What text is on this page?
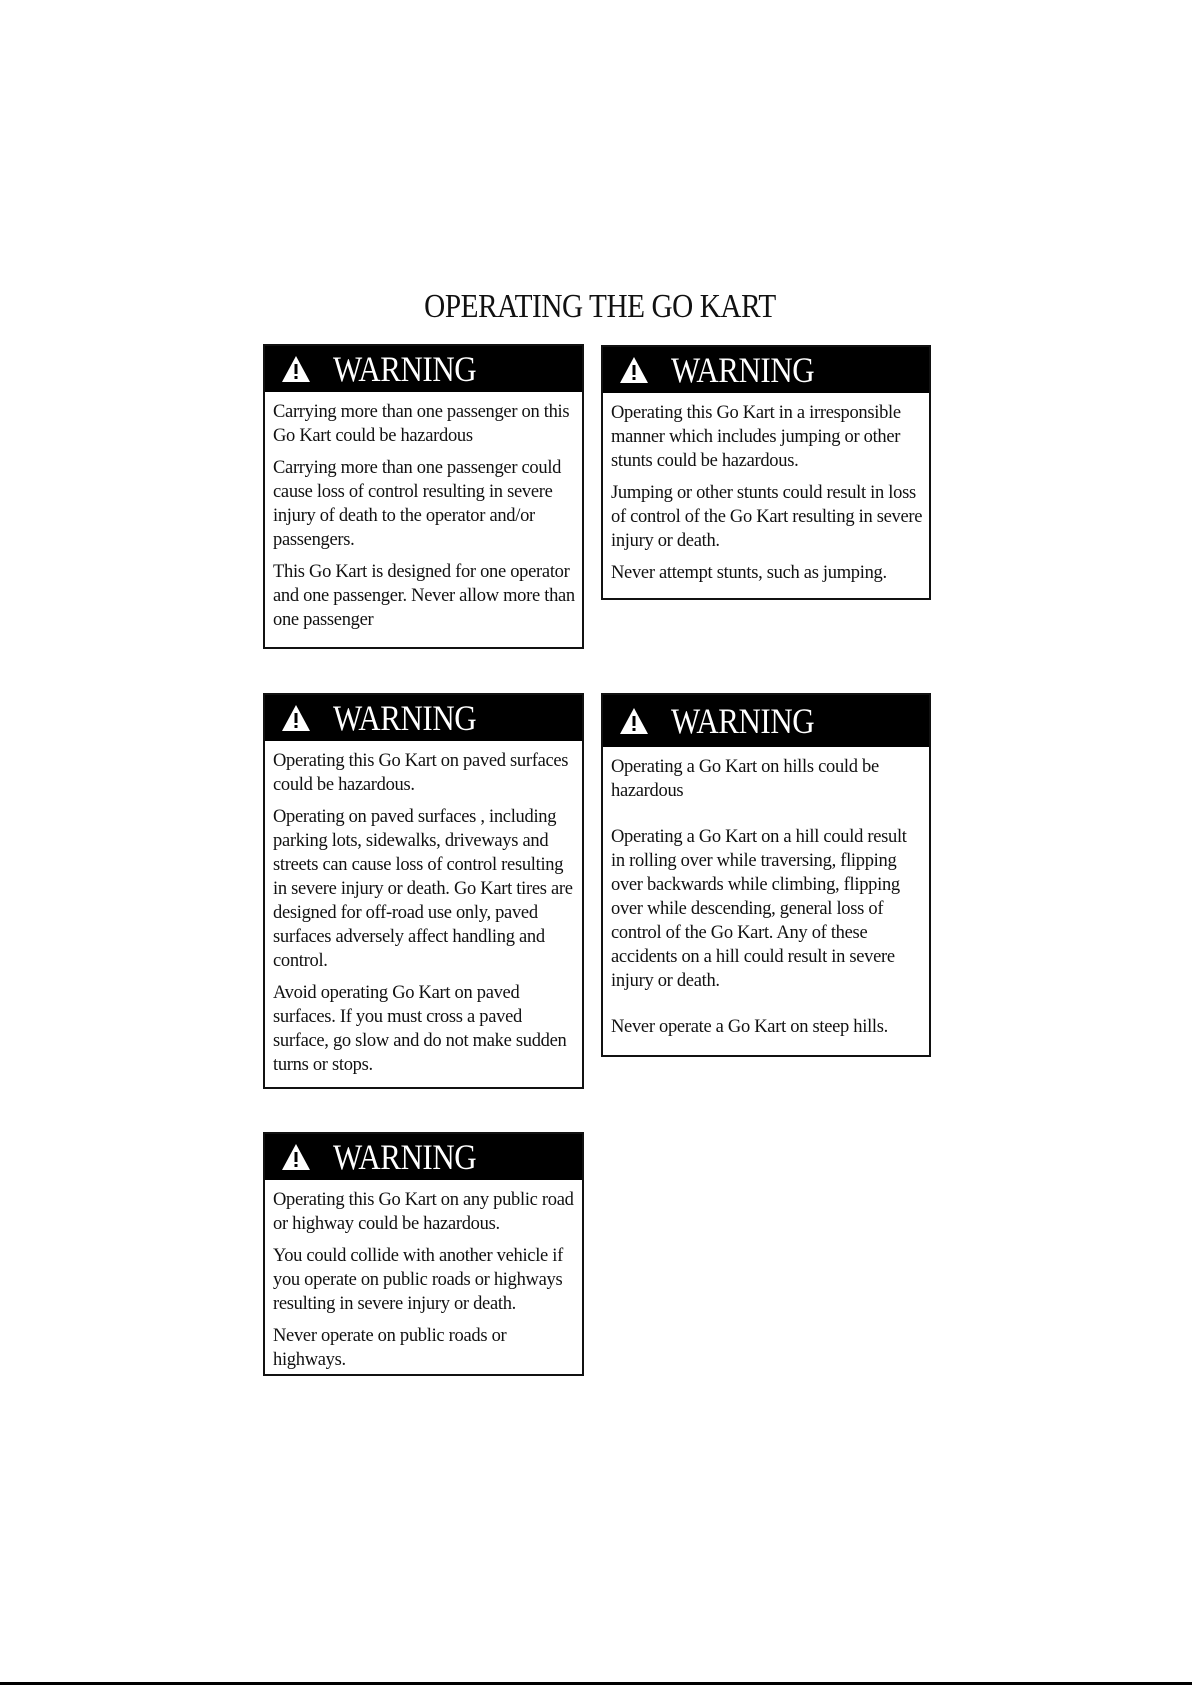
OPERATING THE GO KART
WARNING

Carrying more than one passenger on this Go Kart could be hazardous

Carrying more than one passenger could cause loss of control resulting in severe injury of death to the operator and/or passengers.

This Go Kart is designed for one operator and one passenger. Never allow more than one passenger

WARNING

Operating this Go Kart in a irresponsible manner which includes jumping or other stunts could be hazardous.

Jumping or other stunts could result in loss of control of the Go Kart resulting in severe injury or death.

Never attempt stunts, such as jumping.

WARNING

Operating this Go Kart on paved surfaces could be hazardous.

Operating on paved surfaces , including parking lots, sidewalks, driveways and streets can cause loss of control resulting in severe injury or death. Go Kart tires are designed for off-road use only, paved surfaces adversely affect handling and control.

Avoid operating Go Kart on paved surfaces. If you must cross a paved surface, go slow and do not make sudden turns or stops.

WARNING

Operating a Go Kart on hills could be hazardous

Operating a Go Kart on a hill could result in rolling over while traversing, flipping over backwards while climbing, flipping over while descending, general loss of control of the Go Kart. Any of these accidents on a hill could result in severe injury or death.

Never operate a Go Kart on steep hills.

WARNING

Operating this Go Kart on any public road or highway could be hazardous.

You could collide with another vehicle if you operate on public roads or highways resulting in severe injury or death.

Never operate on public roads or highways.
